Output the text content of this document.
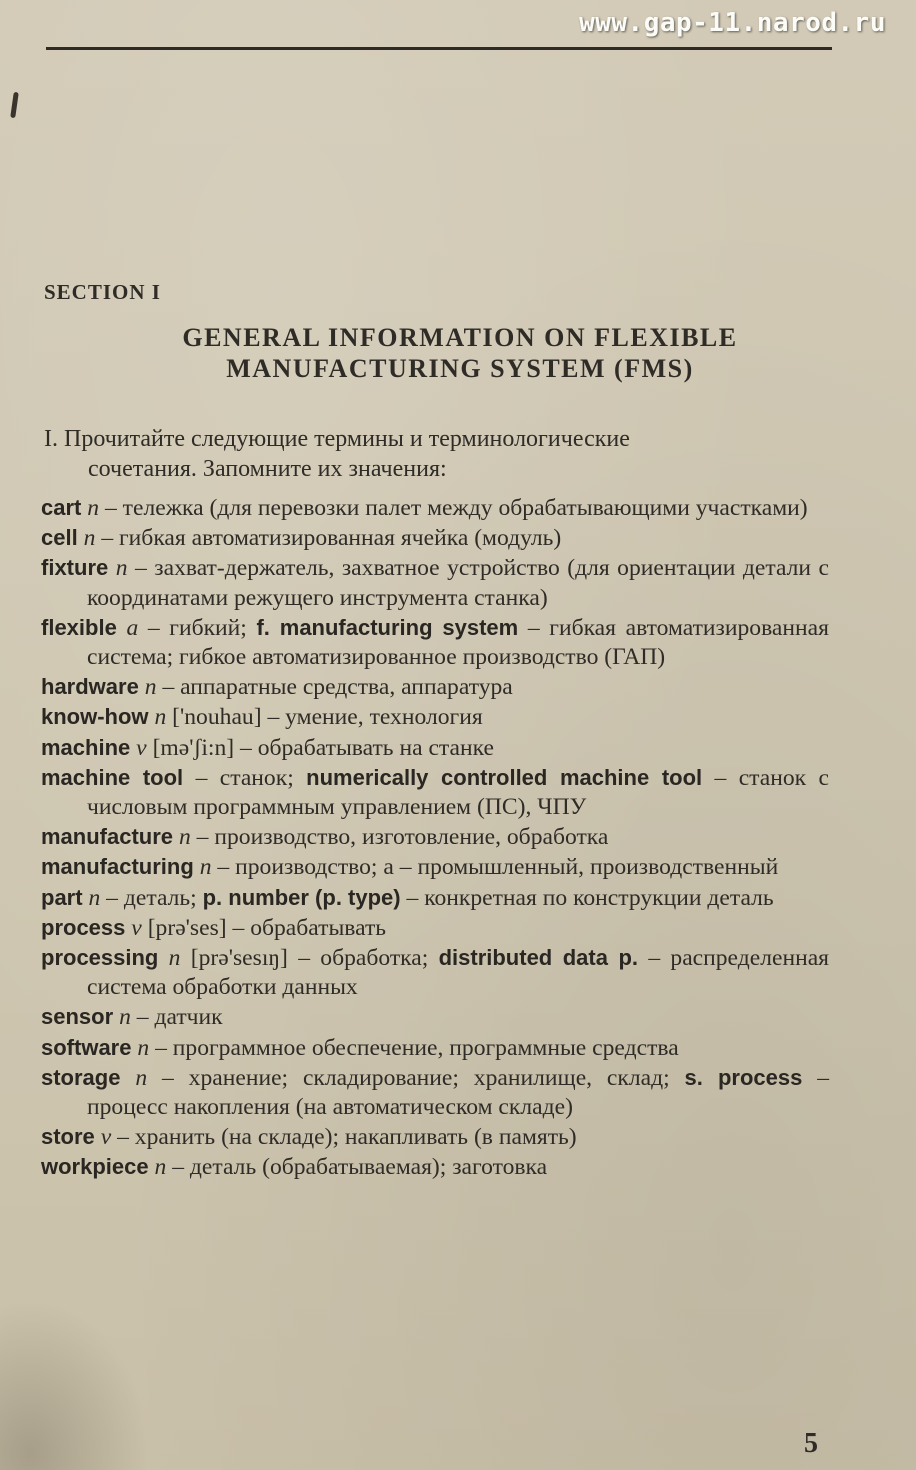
www.gap-11.narod.ru
SECTION I
GENERAL INFORMATION ON FLEXIBLE
MANUFACTURING SYSTEM (FMS)
I. Прочитайте следующие термины и терминологические
сочетания. Запомните их значения:
cart n – тележка (для перевозки палет между обрабатывающими участками)
cell n – гибкая автоматизированная ячейка (модуль)
fixture n – захват-держатель, захватное устройство (для ориентации детали с координатами режущего инструмента станка)
flexible a – гибкий; f. manufacturing system – гибкая автоматизированная система; гибкое автоматизированное производство (ГАП)
hardware n – аппаратные средства, аппаратура
know-how n ['nouhau] – умение, технология
machine v [mə'ʃi:n] – обрабатывать на станке
machine tool – станок; numerically controlled machine tool – станок с числовым программным управлением (ПС), ЧПУ
manufacture n – производство, изготовление, обработка
manufacturing n – производство; а – промышленный, производственный
part n – деталь; p. number (p. type) – конкретная по конструкции деталь
process v [prə'ses] – обрабатывать
processing n [prə'sesıŋ] – обработка; distributed data p. – распределенная система обработки данных
sensor n – датчик
software n – программное обеспечение, программные средства
storage n – хранение; складирование; хранилище, склад; s. process – процесс накопления (на автоматическом складе)
store v – хранить (на складе); накапливать (в память)
workpiece n – деталь (обрабатываемая); заготовка
5
